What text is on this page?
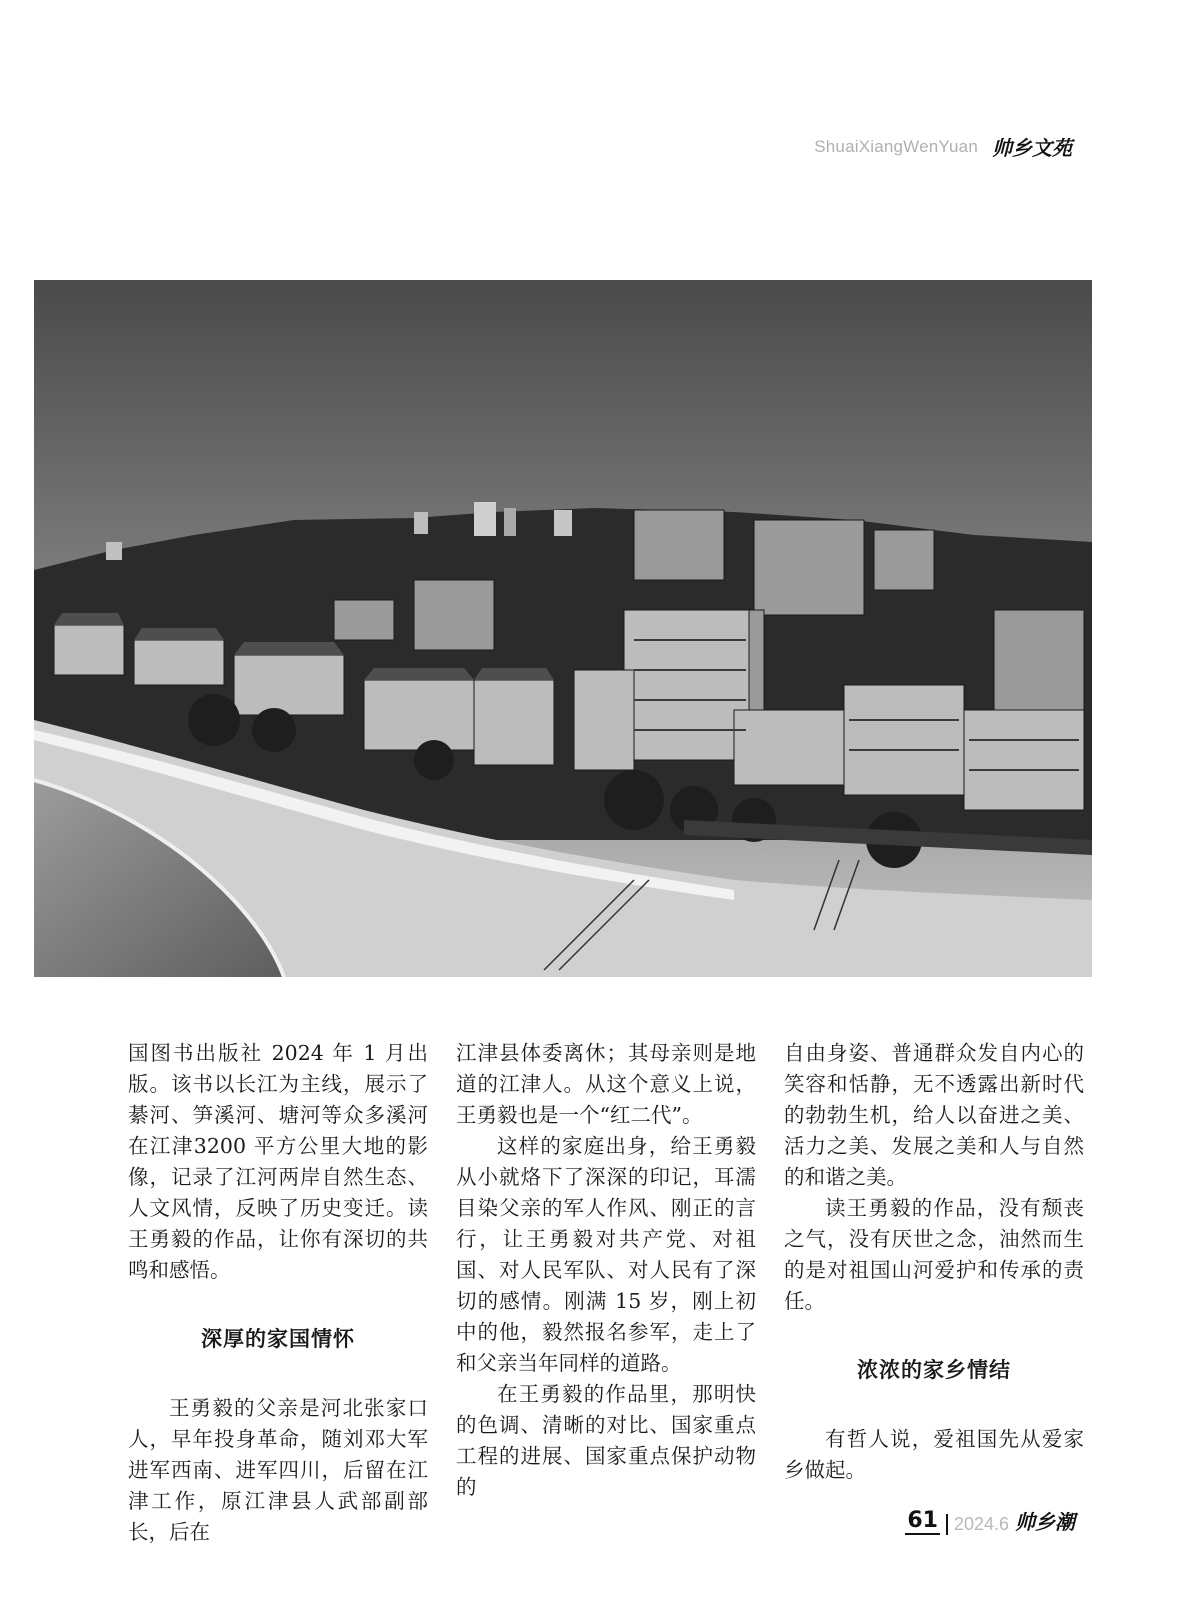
ShuaiXiangWenYuan 帅乡文苑

国图书出版社 2024 年 1 月出版。该书以长江为主线，展示了綦河、笋溪河、塘河等众多溪河在江津3200 平方公里大地的影像，记录了江河两岸自然生态、人文风情，反映了历史变迁。读王勇毅的作品，让你有深切的共鸣和感悟。

深厚的家国情怀

王勇毅的父亲是河北张家口人，早年投身革命，随刘邓大军进军西南、进军四川，后留在江津工作，原江津县人武部副部长，后在

江津县体委离休；其母亲则是地道的江津人。从这个意义上说，王勇毅也是一个“红二代”。

这样的家庭出身，给王勇毅从小就烙下了深深的印记，耳濡目染父亲的军人作风、刚正的言行，让王勇毅对共产党、对祖国、对人民军队、对人民有了深切的感情。刚满 15 岁，刚上初中的他，毅然报名参军，走上了和父亲当年同样的道路。

在王勇毅的作品里，那明快的色调、清晰的对比、国家重点工程的进展、国家重点保护动物的

自由身姿、普通群众发自内心的笑容和恬静，无不透露出新时代的勃勃生机，给人以奋进之美、活力之美、发展之美和人与自然的和谐之美。

读王勇毅的作品，没有颓丧之气，没有厌世之念，油然而生的是对祖国山河爱护和传承的责任。

浓浓的家乡情结

有哲人说，爱祖国先从爱家乡做起。

61 2024.6 帅乡潮
